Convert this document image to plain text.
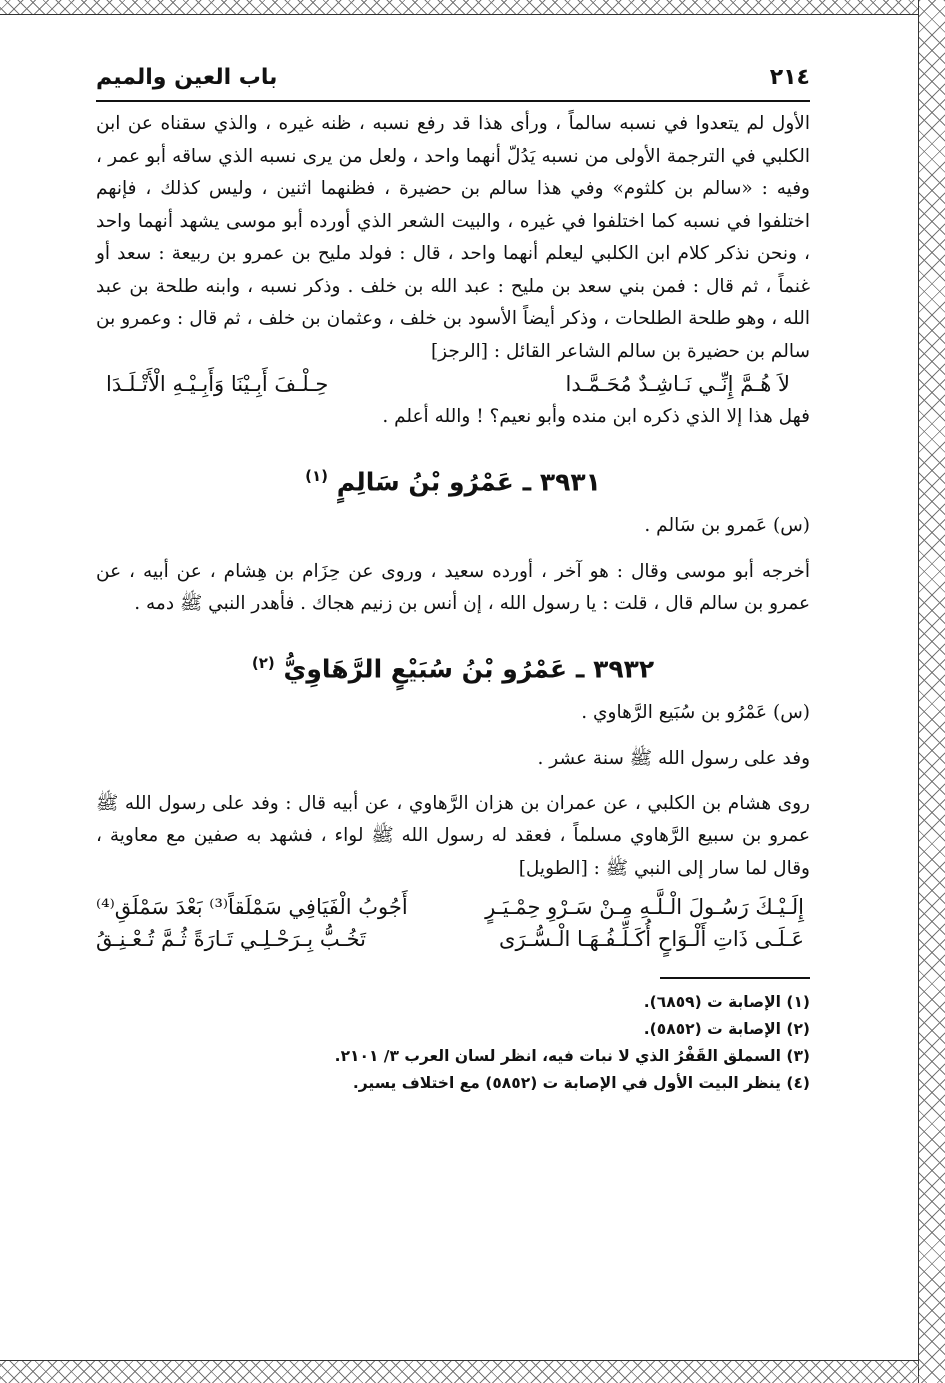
٢١٤
باب العين والميم

الأول لم يتعدوا في نسبه سالماً ، ورأى هذا قد رفع نسبه ، ظنه غيره ، والذي سقناه عن ابن الكلبي في الترجمة الأولى من نسبه يَدُلّ أنهما واحد ، ولعل من يرى نسبه الذي ساقه أبو عمر ، وفيه : «سالم بن كلثوم» وفي هذا سالم بن حضيرة ، فظنهما اثنين ، وليس كذلك ، فإنهم اختلفوا في نسبه كما اختلفوا في غيره ، والبيت الشعر الذي أورده أبو موسى يشهد أنهما واحد ، ونحن نذكر كلام ابن الكلبي ليعلم أنهما واحد ، قال : فولد مليح بن عمرو بن ربيعة : سعد أو غنماً ، ثم قال : فمن بني سعد بن مليح : عبد الله بن خلف . وذكر نسبه ، وابنه طلحة بن عبد الله ، وهو طلحة الطلحات ، وذكر أيضاً الأسود بن خلف ، وعثمان بن خلف ، ثم قال : وعمرو بن سالم بن حضيرة بن سالم الشاعر القائل : [الرجز]

لاَ هُـمَّ إِنِّـي نَـاشِـدٌ مُحَـمَّـدا
حِـلْـفَ أَبِـيْنَا وَأَبِـيْـهِ الْأَتْـلَـدَا

فهل هذا إلا الذي ذكره ابن منده وأبو نعيم؟ ! والله أعلم .

٣٩٣١ ـ عَمْرُو بْنُ سَالِمٍ $^{(١)}$

(س) عَمرو بن سَالم .

أخرجه أبو موسى وقال : هو آخر ، أورده سعيد ، وروى عن حِزَام بن هِشام ، عن أبيه ، عن عمرو بن سالم قال ، قلت : يا رسول الله ، إن أنس بن زنيم هجاك . فأهدر النبي ﷺ دمه .

٣٩٣٢ ـ عَمْرُو بْنُ سُبَيْعٍ الرَّهَاوِيُّ $^{(٢)}$

(س) عَمْرُو بن سُبَيع الرَّهاوي .

وفد على رسول الله ﷺ سنة عشر .

روى هشام بن الكلبي ، عن عمران بن هزان الرَّهاوي ، عن أبيه قال : وفد على رسول الله ﷺ عمرو بن سبيع الرَّهاوي مسلماً ، فعقد له رسول الله ﷺ لواء ، فشهد به صفين مع معاوية ، وقال لما سار إلى النبي ﷺ : [الطويل]

إِلَـيْـكَ رَسُـولَ الْـلَّـهِ مِـنْ سَـرْوِ حِمْـيَـرٍ
أَجُوبُ الْفَيَافِي سَمْلَقاً⁽³⁾ بَعْدَ سَمْلَقِ⁽⁴⁾
عَـلَـى ذَاتِ أَلْـوَاحٍ أُكَـلِّـفُـهَـا الْـسُّـرَى
تَخُـبُّ بِـرَحْـلِـي تَـارَةً ثُـمَّ تُـعْـنِـقُ

(١) الإصابة ت (٦٨٥٩).

(٢) الإصابة ت (٥٨٥٢).

(٣) السملق القَفْرُ الذي لا نبات فيه، انظر لسان العرب ٣/ ٢١٠١.

(٤) ينظر البيت الأول في الإصابة ت (٥٨٥٢) مع اختلاف يسير.
